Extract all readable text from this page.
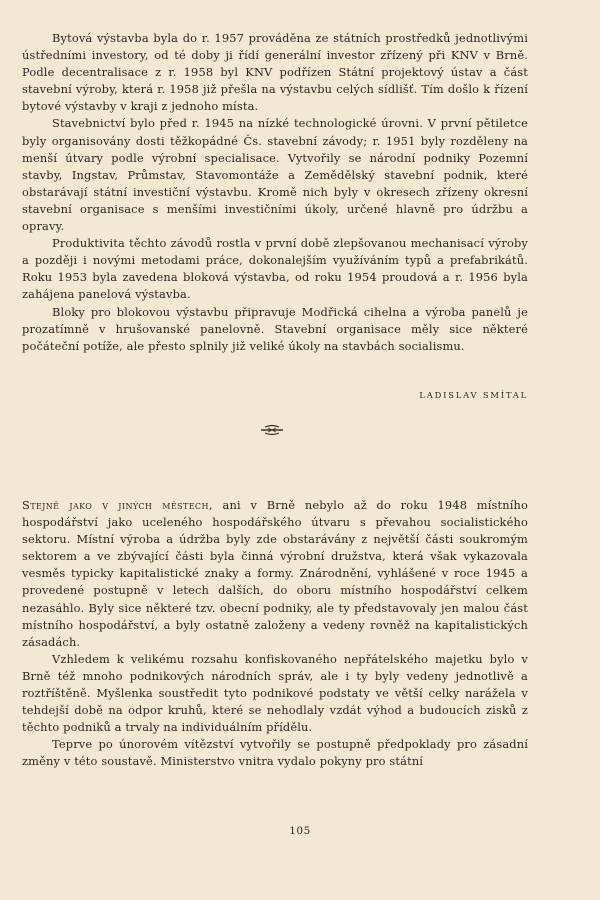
Bytová výstavba byla do r. 1957 prováděna ze státních prostředků jednotlivými ústředními investory, od té doby ji řídí generální investor zřízený při KNV v Brně. Podle decentralisace z r. 1958 byl KNV podřízen Státní projektový ústav a část stavební výroby, která r. 1958 již přešla na výstavbu celých sídlišť. Tím došlo k řízení bytové výstavby v kraji z jednoho místa.

Stavebnictví bylo před r. 1945 na nízké technologické úrovni. V první pětiletce byly organisovány dosti těžkopádné Čs. stavební závody; r. 1951 byly rozděleny na menší útvary podle výrobní specialisace. Vytvořily se národní podniky Pozemní stavby, Ingstav, Průmstav, Stavomontáže a Zemědělský stavební podnik, které obstarávají státní investiční výstavbu. Kromě nich byly v okresech zřízeny okresní stavební organisace s menšími investičními úkoly, určené hlavně pro údržbu a opravy.

Produktivita těchto závodů rostla v první době zlepšovanou mechanisací výroby a později i novými metodami práce, dokonalejším využíváním typů a prefabrikátů. Roku 1953 byla zavedena bloková výstavba, od roku 1954 proudová a r. 1956 byla zahájena panelová výstavba.

Bloky pro blokovou výstavbu připravuje Modřická cihelna a výroba panelů je prozatímně v hrušovanské panelovně. Stavební organisace měly sice některé počáteční potíže, ale přesto splnily již veliké úkoly na stavbách socialismu.

LADISLAV SMÍTAL

Stejně jako v jiných městech, ani v Brně nebylo až do roku 1948 místního hospodářství jako uceleného hospodářského útvaru s převahou socialistického sektoru. Místní výroba a údržba byly zde obstarávány z největší části soukromým sektorem a ve zbývající části byla činná výrobní družstva, která však vykazovala vesměs typicky kapitalistické znaky a formy. Znárodnění, vyhlášené v roce 1945 a provedené postupně v letech dalších, do oboru místního hospodářství celkem nezasáhlo. Byly sice některé tzv. obecní podniky, ale ty představovaly jen malou část místního hospodářství, a byly ostatně založeny a vedeny rovněž na kapitalistických zásadách.

Vzhledem k velikému rozsahu konfiskovaného nepřátelského majetku bylo v Brně též mnoho podnikových národních správ, ale i ty byly vedeny jednotlivě a roztříštěně. Myšlenka soustředit tyto podnikové podstaty ve větší celky narážela v tehdejší době na odpor kruhů, které se nehodlaly vzdát výhod a budoucích zisků z těchto podniků a trvaly na individuálním přídělu.

Teprve po únorovém vítězství vytvořily se postupně předpoklady pro zásadní změny v této soustavě. Ministerstvo vnitra vydalo pokyny pro státní

105
